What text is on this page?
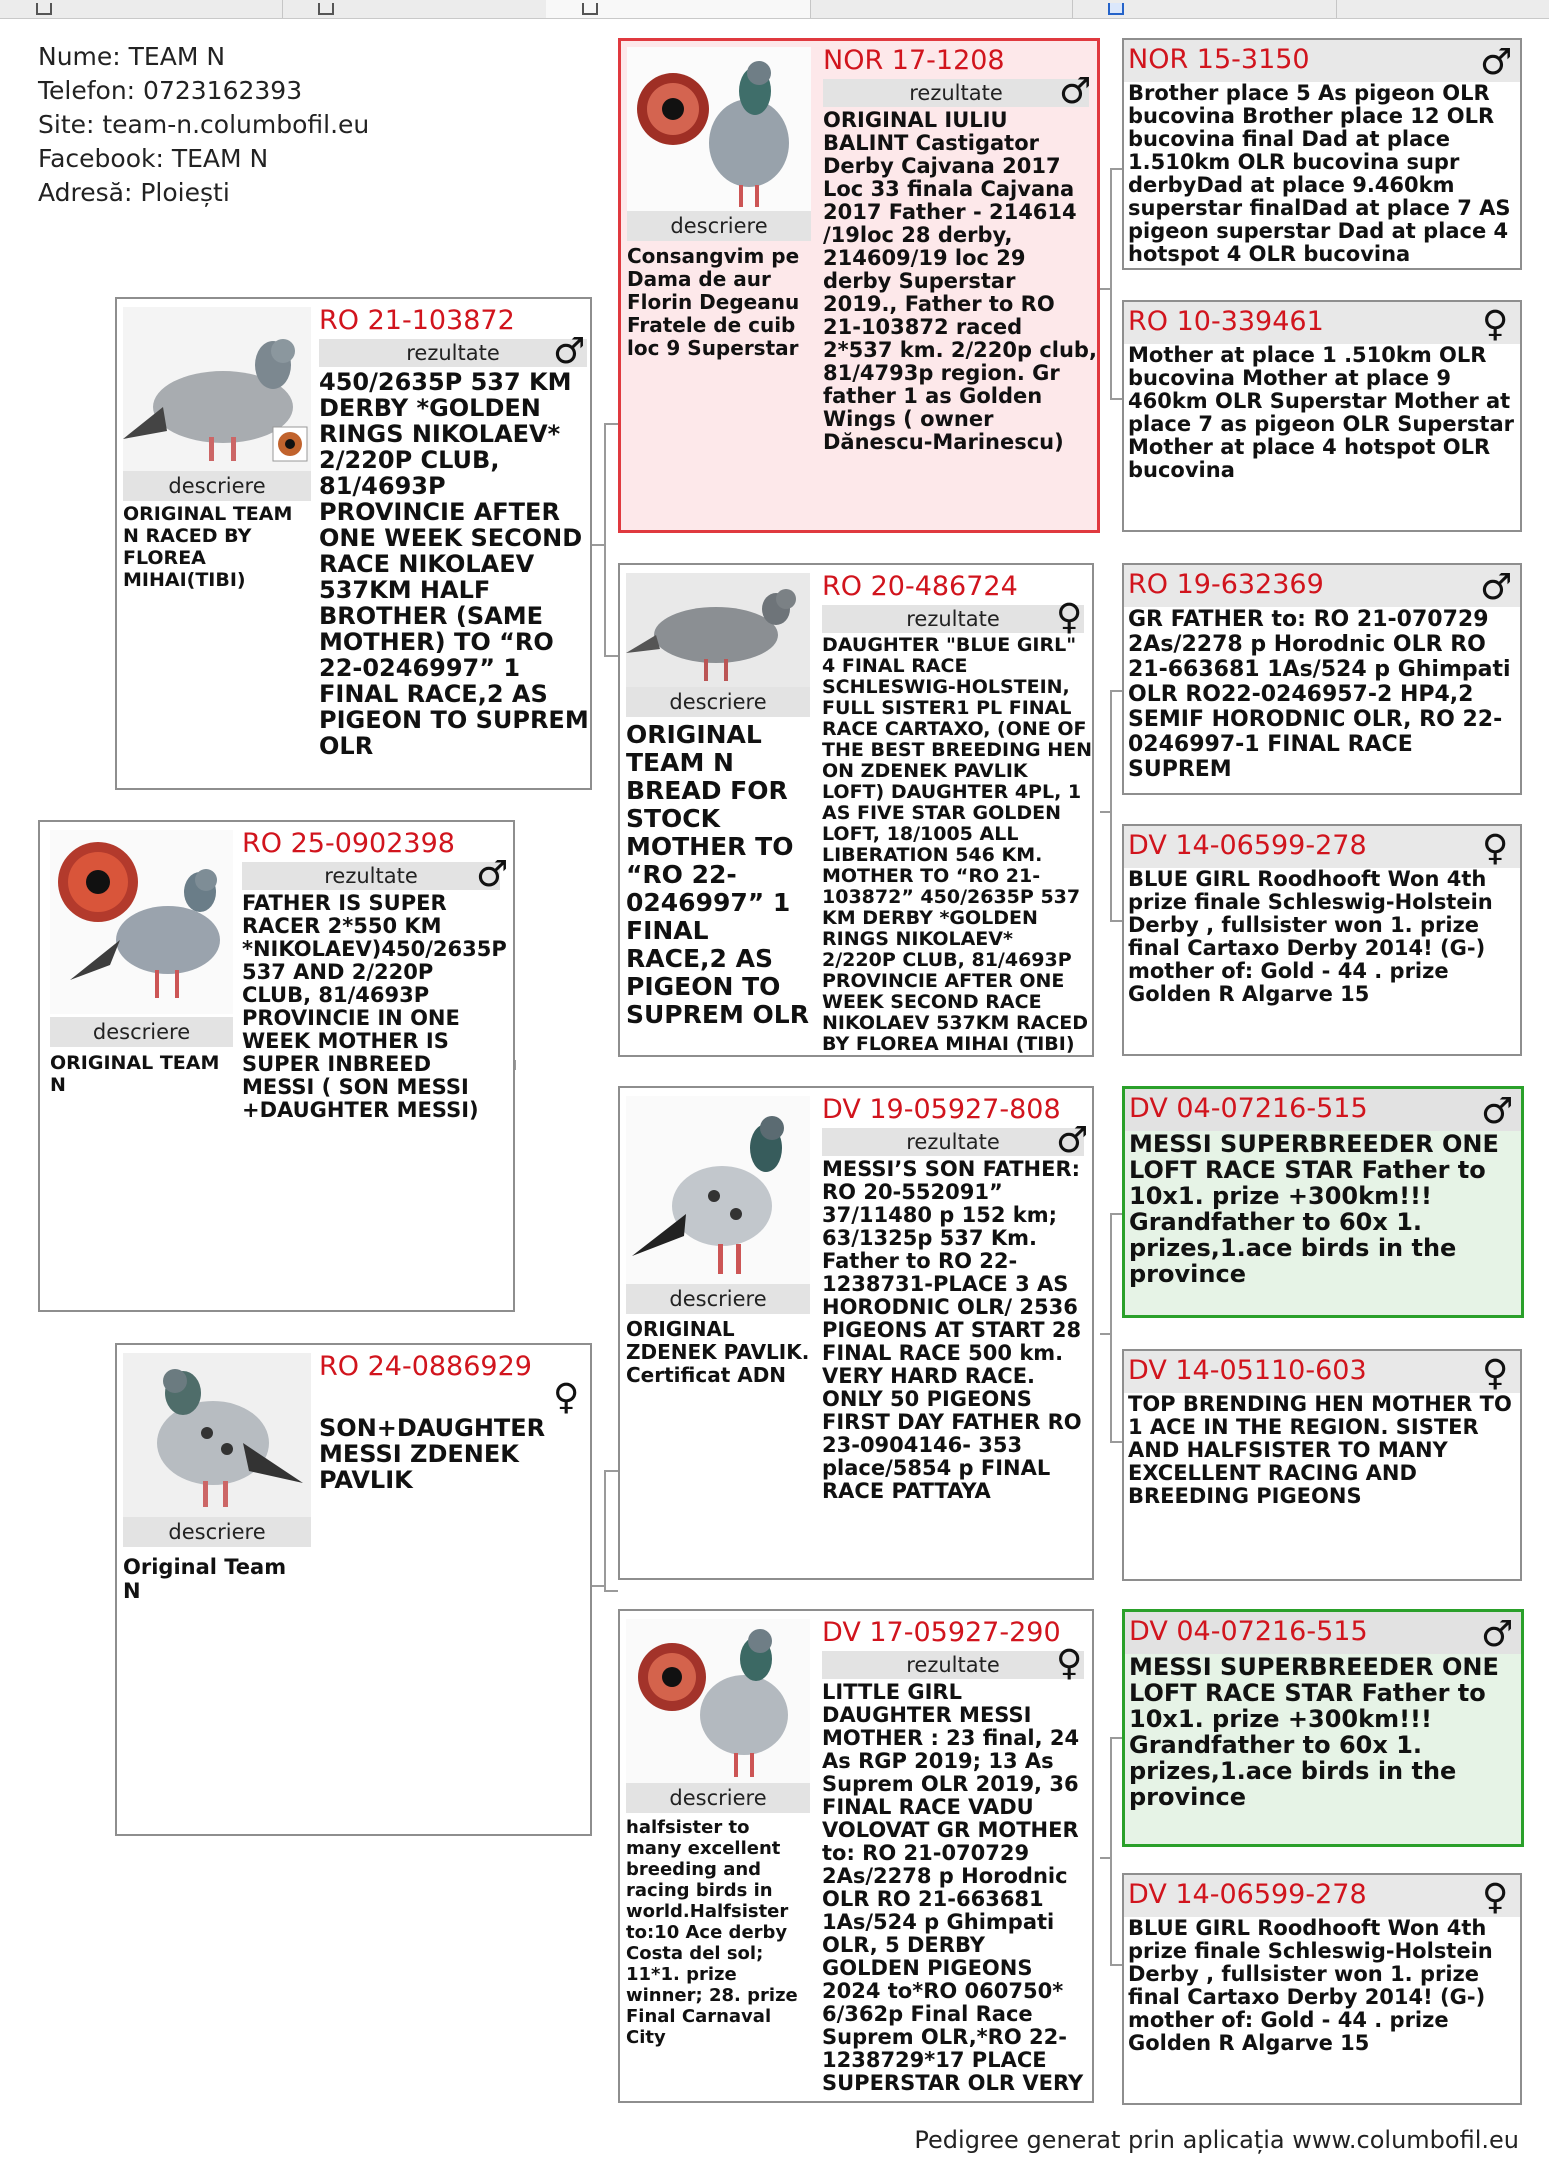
Nume: TEAM N
Telefon: 0723162393
Site: team-n.columbofil.eu
Facebook: TEAM N
Adresă: Ploiești
descriere
ORIGINAL TEAM N
RO 25-0902398
rezultate	♂
FATHER IS SUPER RACER 2*550 KM *NIKOLAEV)450/2635P 537 AND 2/220P CLUB, 81/4693P PROVINCIE IN ONE WEEK MOTHER IS SUPER INBREED MESSI ( SON MESSI +DAUGHTER MESSI)
descriere
ORIGINAL TEAM N RACED BY FLOREA MIHAI(TIBI)
RO 21-103872
rezultate	♂
450/2635P 537 KM DERBY *GOLDEN RINGS NIKOLAEV* 2/220P CLUB, 81/4693P PROVINCIE AFTER ONE WEEK SECOND RACE NIKOLAEV 537KM HALF BROTHER (SAME MOTHER) TO “RO 22-0246997” 1 FINAL RACE,2 AS PIGEON TO SUPREM OLR
descriere
Original Team N
RO 24-0886929
♀
SON+DAUGHTER MESSI ZDENEK PAVLIK
descriere
Consangvim pe Dama de aur Florin Degeanu Fratele de cuib loc 9 Superstar
NOR 17-1208
rezultate	♂
ORIGINAL IULIU BALINT Castigator Derby Cajvana 2017 Loc 33 finala Cajvana 2017 Father - 214614 /19loc 28 derby, 214609/19 loc 29 derby Superstar 2019., Father to RO 21-103872 raced 2*537 km. 2/220p club, 81/4793p region. Gr father 1 as Golden Wings ( owner Dănescu-Marinescu)
descriere
ORIGINAL TEAM N BREAD FOR STOCK MOTHER TO “RO 22-0246997” 1 FINAL RACE,2 AS PIGEON TO SUPREM OLR
RO 20-486724
rezultate	♀
DAUGHTER "BLUE GIRL" 4 FINAL RACE SCHLESWIG-HOLSTEIN, FULL SISTER1 PL FINAL RACE CARTAXO, (ONE OF THE BEST BREEDING HEN ON ZDENEK PAVLIK LOFT) DAUGHTER 4PL, 1 AS FIVE STAR GOLDEN LOFT, 18/1005 ALL LIBERATION 546 KM. MOTHER TO “RO 21-103872” 450/2635P 537 KM DERBY *GOLDEN RINGS NIKOLAEV* 2/220P CLUB, 81/4693P PROVINCIE AFTER ONE WEEK SECOND RACE NIKOLAEV 537KM RACED BY FLOREA MIHAI (TIBI)
descriere
ORIGINAL ZDENEK PAVLIK. Certificat ADN
DV 19-05927-808
rezultate	♂
MESSI’S SON FATHER: RO 20-552091” 37/11480 p 152 km; 63/1325p 537 Km. Father to RO 22-1238731-PLACE 3 AS HORODNIC OLR/ 2536 PIGEONS AT START 28 FINAL RACE 500 km. VERY HARD RACE. ONLY 50 PIGEONS FIRST DAY FATHER RO 23-0904146- 353 place/5854 p FINAL RACE PATTAYA
descriere
halfsister to many excellent breeding and racing birds in world.Halfsister to:10 Ace derby Costa del sol; 11*1. prize winner; 28. prize Final Carnaval City
DV 17-05927-290
rezultate	♀
LITTLE GIRL DAUGHTER MESSI MOTHER : 23 final, 24 As RGP 2019; 13 As Suprem OLR 2019, 36 FINAL RACE VADU VOLOVAT GR MOTHER to: RO 21-070729 2As/2278 p Horodnic OLR RO 21-663681 1As/524 p Ghimpati OLR, 5 DERBY GOLDEN PIGEONS 2024 to*RO 060750* 6/362p Final Race Suprem OLR,*RO 22-1238729*17 PLACE SUPERSTAR OLR VERY
NOR 15-3150	♂
Brother place 5 As pigeon OLR bucovina Brother place 12 OLR bucovina final Dad at place 1.510km OLR bucovina supr derbyDad at place 9.460km superstar finalDad at place 7 AS pigeon superstar Dad at place 4 hotspot 4 OLR bucovina
RO 10-339461	♀
Mother at place 1 .510km OLR bucovina Mother at place 9 460km OLR Superstar Mother at place 7 as pigeon OLR Superstar Mother at place 4 hotspot OLR bucovina
RO 19-632369	♂
GR FATHER to: RO 21-070729 2As/2278 p Horodnic OLR RO 21-663681 1As/524 p Ghimpati OLR RO22-0246957-2 HP4,2 SEMIF HORODNIC OLR, RO 22-0246997-1 FINAL RACE SUPREM
DV 14-06599-278	♀
BLUE GIRL Roodhooft Won 4th prize finale Schleswig-Holstein Derby , fullsister won 1. prize final Cartaxo Derby 2014! (G-) mother of: Gold - 44 . prize Golden R Algarve 15
DV 04-07216-515	♂
MESSI SUPERBREEDER ONE LOFT RACE STAR Father to 10x1. prize +300km!!! Grandfather to 60x 1. prizes,1.ace birds in the province
DV 14-05110-603	♀
TOP BRENDING HEN MOTHER TO 1 ACE IN THE REGION. SISTER AND HALFSISTER TO MANY EXCELLENT RACING AND BREEDING PIGEONS
DV 04-07216-515	♂
MESSI SUPERBREEDER ONE LOFT RACE STAR Father to 10x1. prize +300km!!! Grandfather to 60x 1. prizes,1.ace birds in the province
DV 14-06599-278	♀
BLUE GIRL Roodhooft Won 4th prize finale Schleswig-Holstein Derby , fullsister won 1. prize final Cartaxo Derby 2014! (G-) mother of: Gold - 44 . prize Golden R Algarve 15
Pedigree generat prin aplicația www.columbofil.eu
